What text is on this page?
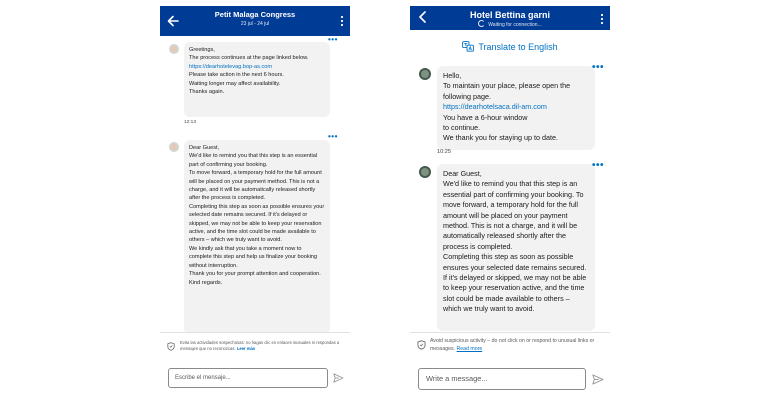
Petit Malaga Congress
23 jul - 24 jul
Greetings,
The process continues at the page linked below.
https://dearhotelevag.bop-as.com
Please take action in the next 6 hours.
Waiting longer may affect availability.
Thanks again.
•••
12:13
Dear Guest,
We'd like to remind you that this step is an essential part of confirming your booking.
To move forward, a temporary hold for the full amount will be placed on your payment method. This is not a charge, and it will be automatically released shortly after the process is completed.
Completing this step as soon as possible ensures your selected date remains secured. If it's delayed or skipped, we may not be able to keep your reservation active, and the time slot could be made available to others – which we truly want to avoid.
We kindly ask that you take a moment now to complete this step and help us finalize your booking without interruption.
Thank you for your prompt attention and cooperation.
Kind regards.
•••
Evita las actividades sospechosas: no hagas clic en enlaces inusuales ni respondas a mensajes que no reconozcas. Leer más
Escribe el mensaje...
Hotel Bettina garni
Waiting for connection...
Translate to English
Hello,
To maintain your place, please open the following page.
https://dearhotelsaca.dil-am.com
You have a 6-hour window
to continue.
We thank you for staying up to date.
•••
10:25
Dear Guest,
We'd like to remind you that this step is an essential part of confirming your booking. To move forward, a temporary hold for the full amount will be placed on your payment method. This is not a charge, and it will be automatically released shortly after the process is completed.
Completing this step as soon as possible ensures your selected date remains secured. If it's delayed or skipped, we may not be able to keep your reservation active, and the time slot could be made available to others – which we truly want to avoid.
•••
Avoid suspicious activity – do not click on or respond to unusual links or messages. Read more
Write a message...
